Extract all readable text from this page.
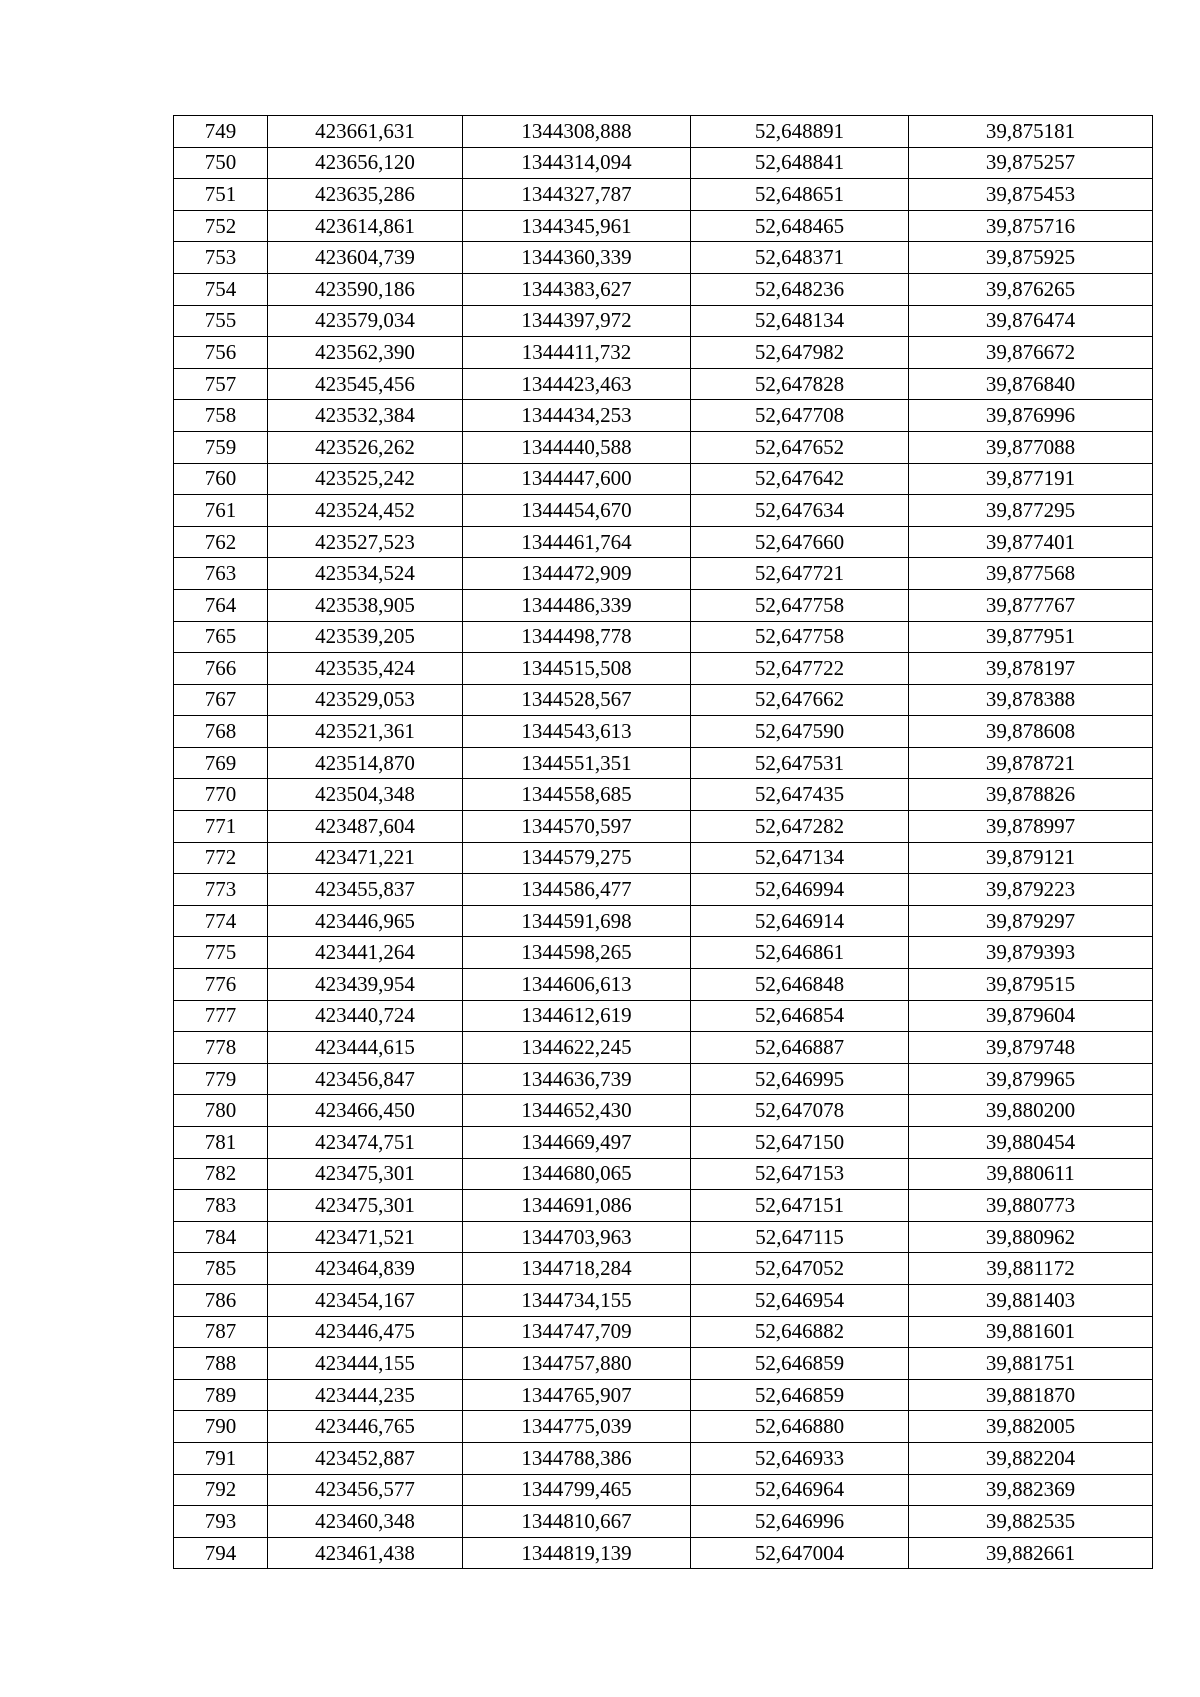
749	423661,631	1344308,888	52,648891	39,875181
750	423656,120	1344314,094	52,648841	39,875257
751	423635,286	1344327,787	52,648651	39,875453
752	423614,861	1344345,961	52,648465	39,875716
753	423604,739	1344360,339	52,648371	39,875925
754	423590,186	1344383,627	52,648236	39,876265
755	423579,034	1344397,972	52,648134	39,876474
756	423562,390	1344411,732	52,647982	39,876672
757	423545,456	1344423,463	52,647828	39,876840
758	423532,384	1344434,253	52,647708	39,876996
759	423526,262	1344440,588	52,647652	39,877088
760	423525,242	1344447,600	52,647642	39,877191
761	423524,452	1344454,670	52,647634	39,877295
762	423527,523	1344461,764	52,647660	39,877401
763	423534,524	1344472,909	52,647721	39,877568
764	423538,905	1344486,339	52,647758	39,877767
765	423539,205	1344498,778	52,647758	39,877951
766	423535,424	1344515,508	52,647722	39,878197
767	423529,053	1344528,567	52,647662	39,878388
768	423521,361	1344543,613	52,647590	39,878608
769	423514,870	1344551,351	52,647531	39,878721
770	423504,348	1344558,685	52,647435	39,878826
771	423487,604	1344570,597	52,647282	39,878997
772	423471,221	1344579,275	52,647134	39,879121
773	423455,837	1344586,477	52,646994	39,879223
774	423446,965	1344591,698	52,646914	39,879297
775	423441,264	1344598,265	52,646861	39,879393
776	423439,954	1344606,613	52,646848	39,879515
777	423440,724	1344612,619	52,646854	39,879604
778	423444,615	1344622,245	52,646887	39,879748
779	423456,847	1344636,739	52,646995	39,879965
780	423466,450	1344652,430	52,647078	39,880200
781	423474,751	1344669,497	52,647150	39,880454
782	423475,301	1344680,065	52,647153	39,880611
783	423475,301	1344691,086	52,647151	39,880773
784	423471,521	1344703,963	52,647115	39,880962
785	423464,839	1344718,284	52,647052	39,881172
786	423454,167	1344734,155	52,646954	39,881403
787	423446,475	1344747,709	52,646882	39,881601
788	423444,155	1344757,880	52,646859	39,881751
789	423444,235	1344765,907	52,646859	39,881870
790	423446,765	1344775,039	52,646880	39,882005
791	423452,887	1344788,386	52,646933	39,882204
792	423456,577	1344799,465	52,646964	39,882369
793	423460,348	1344810,667	52,646996	39,882535
794	423461,438	1344819,139	52,647004	39,882661
